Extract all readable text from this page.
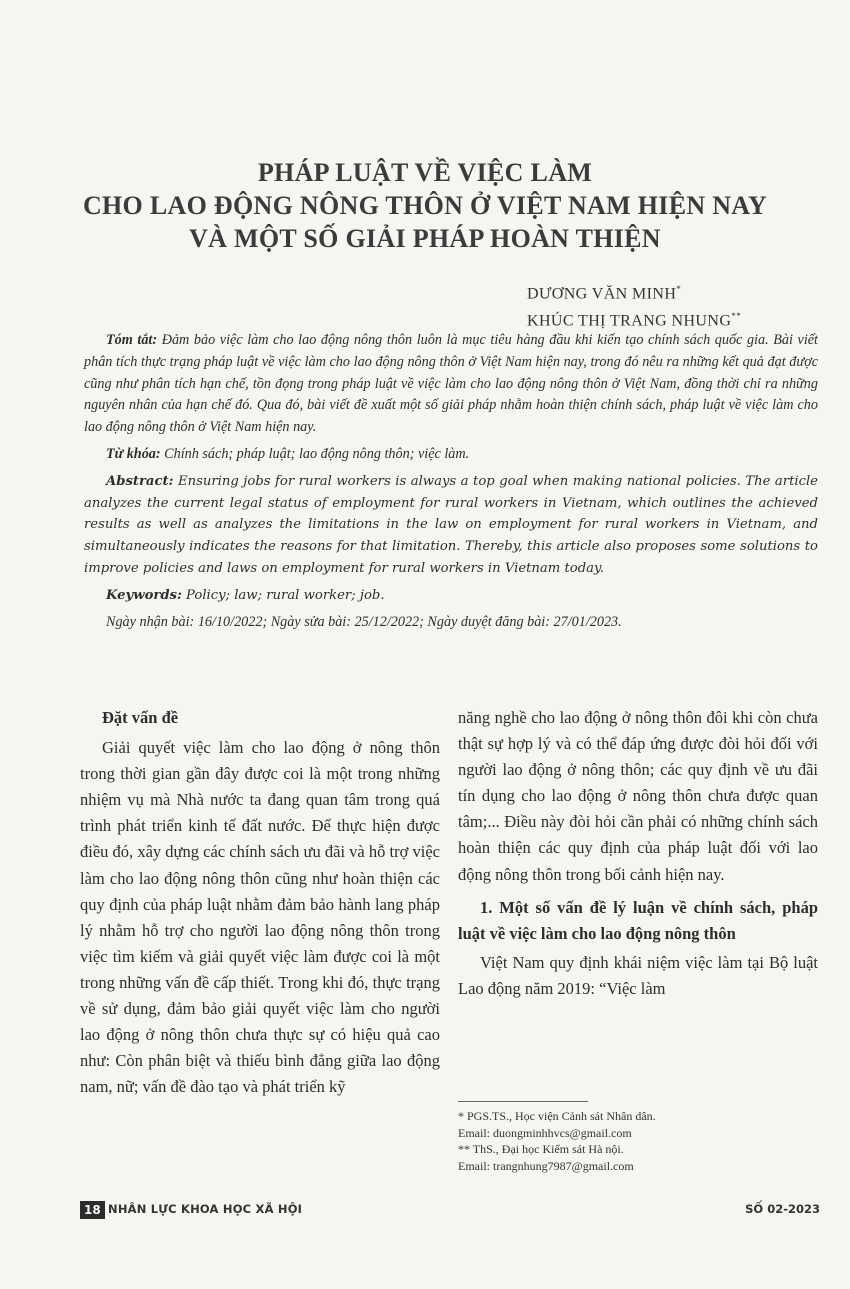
PHÁP LUẬT VỀ VIỆC LÀM
CHO LAO ĐỘNG NÔNG THÔN Ở VIỆT NAM HIỆN NAY
VÀ MỘT SỐ GIẢI PHÁP HOÀN THIỆN
DƯƠNG VĂN MINH*
KHÚC THỊ TRANG NHUNG**

Tóm tắt: Đảm bảo việc làm cho lao động nông thôn luôn là mục tiêu hàng đầu khi kiến tạo chính sách quốc gia. Bài viết phân tích thực trạng pháp luật về việc làm cho lao động nông thôn ở Việt Nam hiện nay, trong đó nêu ra những kết quả đạt được cũng như phân tích hạn chế, tồn đọng trong pháp luật về việc làm cho lao động nông thôn ở Việt Nam, đồng thời chỉ ra những nguyên nhân của hạn chế đó. Qua đó, bài viết đề xuất một số giải pháp nhằm hoàn thiện chính sách, pháp luật về việc làm cho lao động nông thôn ở Việt Nam hiện nay.

Từ khóa: Chính sách; pháp luật; lao động nông thôn; việc làm.

Abstract: Ensuring jobs for rural workers is always a top goal when making national policies. The article analyzes the current legal status of employment for rural workers in Vietnam, which outlines the achieved results as well as analyzes the limitations in the law on employment for rural workers in Vietnam, and simultaneously indicates the reasons for that limitation. Thereby, this article also proposes some solutions to improve policies and laws on employment for rural workers in Vietnam today.

Keywords: Policy; law; rural worker; job.

Ngày nhận bài: 16/10/2022; Ngày sửa bài: 25/12/2022; Ngày duyệt đăng bài: 27/01/2023.

Đặt vấn đề

Giải quyết việc làm cho lao động ở nông thôn trong thời gian gần đây được coi là một trong những nhiệm vụ mà Nhà nước ta đang quan tâm trong quá trình phát triển kinh tế đất nước. Để thực hiện được điều đó, xây dựng các chính sách ưu đãi và hỗ trợ việc làm cho lao động nông thôn cũng như hoàn thiện các quy định của pháp luật nhằm đảm bảo hành lang pháp lý nhằm hỗ trợ cho người lao động nông thôn trong việc tìm kiếm và giải quyết việc làm được coi là một trong những vấn đề cấp thiết. Trong khi đó, thực trạng về sử dụng, đảm bảo giải quyết việc làm cho người lao động ở nông thôn chưa thực sự có hiệu quả cao như: Còn phân biệt và thiếu bình đẳng giữa lao động nam, nữ; vấn đề đào tạo và phát triển kỹ

năng nghề cho lao động ở nông thôn đôi khi còn chưa thật sự hợp lý và có thể đáp ứng được đòi hỏi đối với người lao động ở nông thôn; các quy định về ưu đãi tín dụng cho lao động ở nông thôn chưa được quan tâm;... Điều này đòi hỏi cần phải có những chính sách hoàn thiện các quy định của pháp luật đối với lao động nông thôn trong bối cảnh hiện nay.

1. Một số vấn đề lý luận về chính sách, pháp luật về việc làm cho lao động nông thôn

Việt Nam quy định khái niệm việc làm tại Bộ luật Lao động năm 2019: “Việc làm

* PGS.TS., Học viện Cảnh sát Nhân dân.
Email: duongminhhvcs@gmail.com
** ThS., Đại học Kiểm sát Hà nội.
Email: trangnhung7987@gmail.com
18 NHÂN LỰC KHOA HỌC XÃ HỘI	SỐ 02-2023
